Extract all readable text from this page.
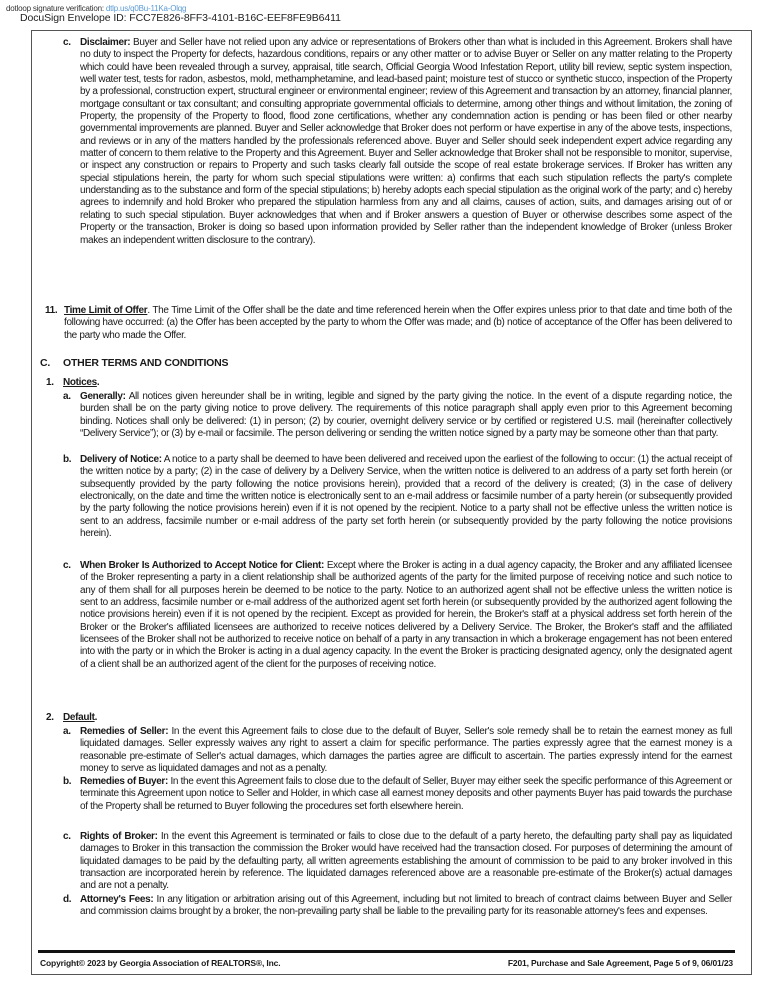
dotloop signature verification: dtlp.us/q0Bu-11Ka-Olqg
DocuSign Envelope ID: FCC7E826-8FF3-4101-B16C-EEF8FE9B6411
c. Disclaimer: Buyer and Seller have not relied upon any advice or representations of Brokers other than what is included in this Agreement. Brokers shall have no duty to inspect the Property for defects, hazardous conditions, repairs or any other matter or to advise Buyer or Seller on any matter relating to the Property which could have been revealed through a survey, appraisal, title search, Official Georgia Wood Infestation Report, utility bill review, septic system inspection, well water test, tests for radon, asbestos, mold, methamphetamine, and lead-based paint; moisture test of stucco or synthetic stucco, inspection of the Property by a professional, construction expert, structural engineer or environmental engineer; review of this Agreement and transaction by an attorney, financial planner, mortgage consultant or tax consultant; and consulting appropriate governmental officials to determine, among other things and without limitation, the zoning of Property, the propensity of the Property to flood, flood zone certifications, whether any condemnation action is pending or has been filed or other nearby governmental improvements are planned. Buyer and Seller acknowledge that Broker does not perform or have expertise in any of the above tests, inspections, and reviews or in any of the matters handled by the professionals referenced above. Buyer and Seller should seek independent expert advice regarding any matter of concern to them relative to the Property and this Agreement. Buyer and Seller acknowledge that Broker shall not be responsible to monitor, supervise, or inspect any construction or repairs to Property and such tasks clearly fall outside the scope of real estate brokerage services. If Broker has written any special stipulations herein, the party for whom such special stipulations were written: a) confirms that each such stipulation reflects the party's complete understanding as to the substance and form of the special stipulations; b) hereby adopts each special stipulation as the original work of the party; and c) hereby agrees to indemnify and hold Broker who prepared the stipulation harmless from any and all claims, causes of action, suits, and damages arising out of or relating to such special stipulation. Buyer acknowledges that when and if Broker answers a question of Buyer or otherwise describes some aspect of the Property or the transaction, Broker is doing so based upon information provided by Seller rather than the independent knowledge of Broker (unless Broker makes an independent written disclosure to the contrary).
11. Time Limit of Offer. The Time Limit of the Offer shall be the date and time referenced herein when the Offer expires unless prior to that date and time both of the following have occurred: (a) the Offer has been accepted by the party to whom the Offer was made; and (b) notice of acceptance of the Offer has been delivered to the party who made the Offer.
C. OTHER TERMS AND CONDITIONS
1. Notices.
a. Generally: All notices given hereunder shall be in writing, legible and signed by the party giving the notice. In the event of a dispute regarding notice, the burden shall be on the party giving notice to prove delivery. The requirements of this notice paragraph shall apply even prior to this Agreement becoming binding. Notices shall only be delivered: (1) in person; (2) by courier, overnight delivery service or by certified or registered U.S. mail (hereinafter collectively “Delivery Service”); or (3) by e-mail or facsimile. The person delivering or sending the written notice signed by a party may be someone other than that party.
b. Delivery of Notice: A notice to a party shall be deemed to have been delivered and received upon the earliest of the following to occur: (1) the actual receipt of the written notice by a party; (2) in the case of delivery by a Delivery Service, when the written notice is delivered to an address of a party set forth herein (or subsequently provided by the party following the notice provisions herein), provided that a record of the delivery is created; (3) in the case of delivery electronically, on the date and time the written notice is electronically sent to an e-mail address or facsimile number of a party herein (or subsequently provided by the party following the notice provisions herein) even if it is not opened by the recipient. Notice to a party shall not be effective unless the written notice is sent to an address, facsimile number or e-mail address of the party set forth herein (or subsequently provided by the party following the notice provisions herein).
c. When Broker Is Authorized to Accept Notice for Client: Except where the Broker is acting in a dual agency capacity, the Broker and any affiliated licensee of the Broker representing a party in a client relationship shall be authorized agents of the party for the limited purpose of receiving notice and such notice to any of them shall for all purposes herein be deemed to be notice to the party. Notice to an authorized agent shall not be effective unless the written notice is sent to an address, facsimile number or e-mail address of the authorized agent set forth herein (or subsequently provided by the authorized agent following the notice provisions herein) even if it is not opened by the recipient. Except as provided for herein, the Broker's staff at a physical address set forth herein of the Broker or the Broker's affiliated licensees are authorized to receive notices delivered by a Delivery Service. The Broker, the Broker's staff and the affiliated licensees of the Broker shall not be authorized to receive notice on behalf of a party in any transaction in which a brokerage engagement has not been entered into with the party or in which the Broker is acting in a dual agency capacity. In the event the Broker is practicing designated agency, only the designated agent of a client shall be an authorized agent of the client for the purposes of receiving notice.
2. Default.
a. Remedies of Seller: In the event this Agreement fails to close due to the default of Buyer, Seller's sole remedy shall be to retain the earnest money as full liquidated damages. Seller expressly waives any right to assert a claim for specific performance. The parties expressly agree that the earnest money is a reasonable pre-estimate of Seller's actual damages, which damages the parties agree are difficult to ascertain. The parties expressly intend for the earnest money to serve as liquidated damages and not as a penalty.
b. Remedies of Buyer: In the event this Agreement fails to close due to the default of Seller, Buyer may either seek the specific performance of this Agreement or terminate this Agreement upon notice to Seller and Holder, in which case all earnest money deposits and other payments Buyer has paid towards the purchase of the Property shall be returned to Buyer following the procedures set forth elsewhere herein.
c. Rights of Broker: In the event this Agreement is terminated or fails to close due to the default of a party hereto, the defaulting party shall pay as liquidated damages to Broker in this transaction the commission the Broker would have received had the transaction closed. For purposes of determining the amount of liquidated damages to be paid by the defaulting party, all written agreements establishing the amount of commission to be paid to any broker involved in this transaction are incorporated herein by reference. The liquidated damages referenced above are a reasonable pre-estimate of the Broker(s) actual damages and are not a penalty.
d. Attorney's Fees: In any litigation or arbitration arising out of this Agreement, including but not limited to breach of contract claims between Buyer and Seller and commission claims brought by a broker, the non-prevailing party shall be liable to the prevailing party for its reasonable attorney's fees and expenses.
Copyright© 2023 by Georgia Association of REALTORS®, Inc.	F201, Purchase and Sale Agreement, Page 5 of 9, 06/01/23
